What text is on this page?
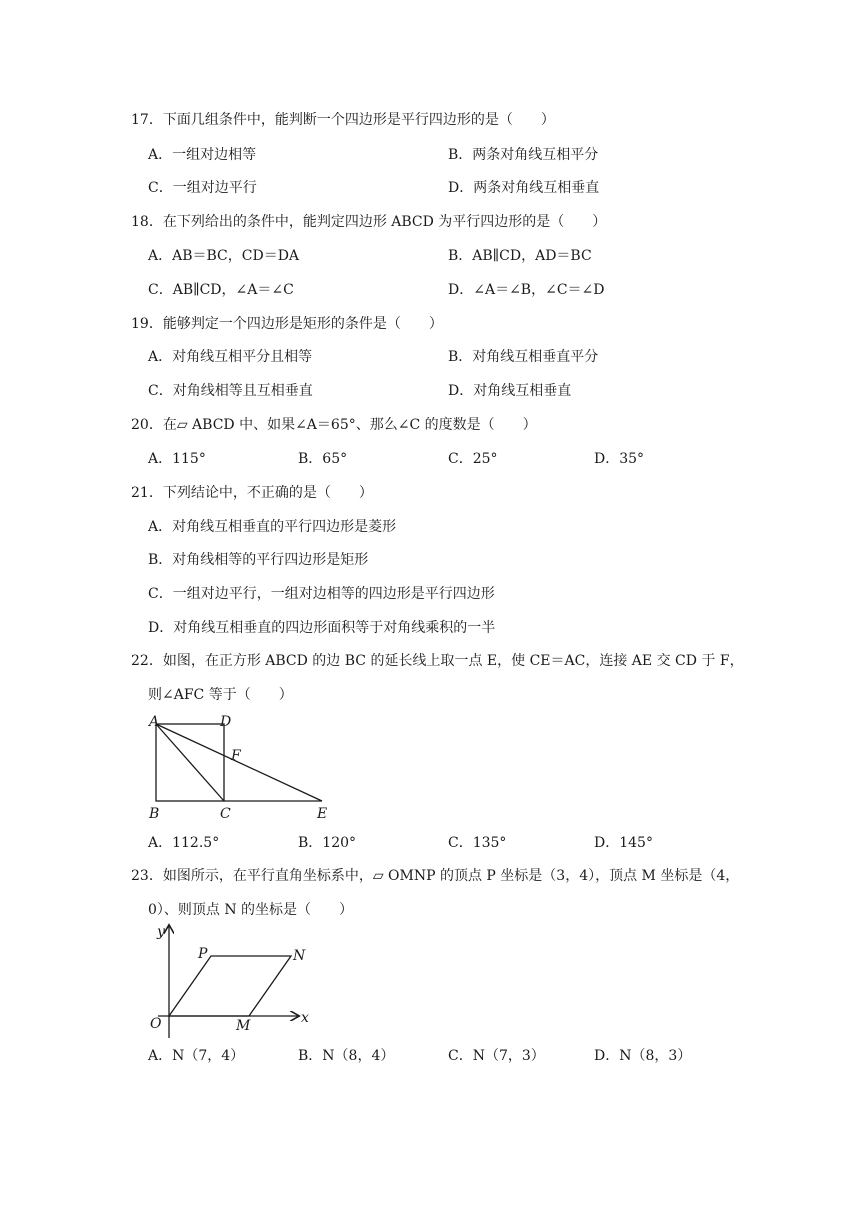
17．下面几组条件中，能判断一个四边形是平行四边形的是（　　）
A．一组对边相等	B．两条对角线互相平分
C．一组对边平行	D．两条对角线互相垂直
18．在下列给出的条件中，能判定四边形 ABCD 为平行四边形的是（　　）
A．AB＝BC，CD＝DA	B．AB∥CD，AD＝BC
C．AB∥CD，∠A＝∠C	D．∠A＝∠B，∠C＝∠D
19．能够判定一个四边形是矩形的条件是（　　）
A．对角线互相平分且相等	B．对角线互相垂直平分
C．对角线相等且互相垂直	D．对角线互相垂直
20．在▱ ABCD 中、如果∠A＝65°、那么∠C 的度数是（　　）
A．115°	B．65°	C．25°	D．35°
21．下列结论中，不正确的是（　　）
A．对角线互相垂直的平行四边形是菱形
B．对角线相等的平行四边形是矩形
C．一组对边平行，一组对边相等的四边形是平行四边形
D．对角线互相垂直的四边形面积等于对角线乘积的一半
22．如图，在正方形 ABCD 的边 BC 的延长线上取一点 E，使 CE＝AC，连接 AE 交 CD 于 F，
则∠AFC 等于（　　）
A	D
F
B	C	E
A．112.5°	B．120°	C．135°	D．145°
23．如图所示，在平行直角坐标系中，▱ OMNP 的顶点 P 坐标是（3，4），顶点 M 坐标是（4，
0）、则顶点 N 的坐标是（　　）
y
P	N
O	M	x
A．N（7，4）	B．N（8，4）	C．N（7，3）	D．N（8，3）
